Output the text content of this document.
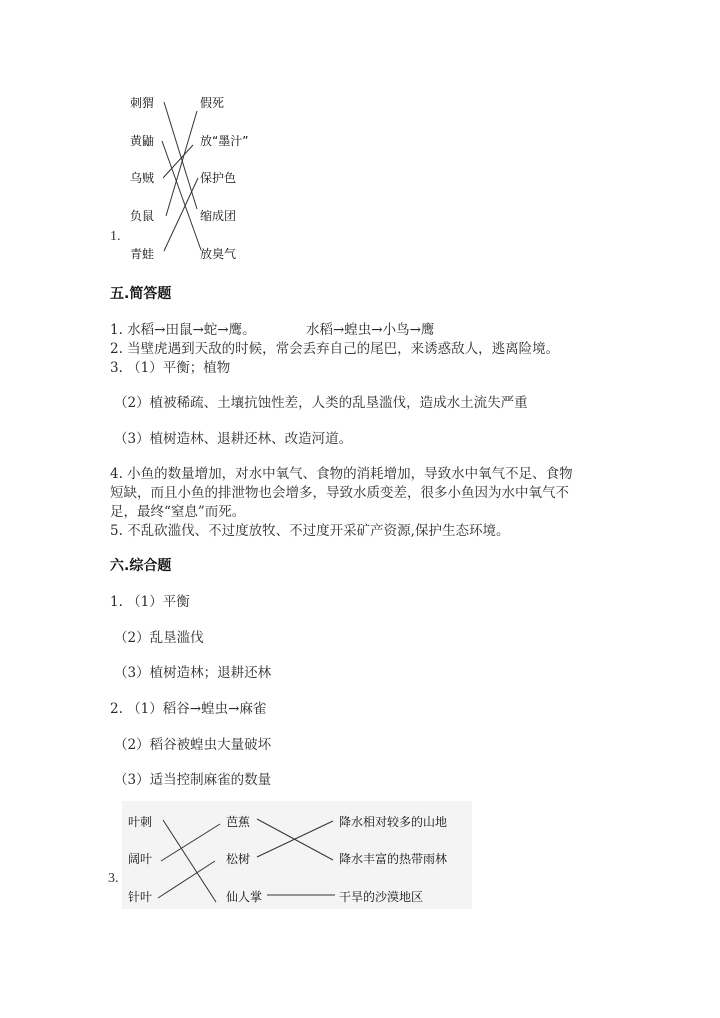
刺猬
黄鼬
乌贼
负鼠
青蛙
假死
放“墨汁”
保护色
缩成团
放臭气
1.
五.简答题
1. 水稻→田鼠→蛇→鹰。	水稻→蝗虫→小鸟→鹰
2. 当壁虎遇到天敌的时候，常会丢弃自己的尾巴，来诱惑敌人，逃离险境。
3. （1）平衡；植物
（2）植被稀疏、土壤抗蚀性差，人类的乱垦滥伐，造成水土流失严重
（3）植树造林、退耕还林、改造河道。
4. 小鱼的数量增加，对水中氧气、食物的消耗增加，导致水中氧气不足、食物
短缺，而且小鱼的排泄物也会增多，导致水质变差，很多小鱼因为水中氧气不
足，最终“窒息”而死。
5. 不乱砍滥伐、不过度放牧、不过度开采矿产资源,保护生态环境。
六.综合题
1. （1）平衡
（2）乱垦滥伐
（3）植树造林；退耕还林
2. （1）稻谷→蝗虫→麻雀
（2）稻谷被蝗虫大量破坏
（3）适当控制麻雀的数量
3.
叶刺
阔叶
针叶
芭蕉
松树
仙人掌
降水相对较多的山地
降水丰富的热带雨林
干旱的沙漠地区
